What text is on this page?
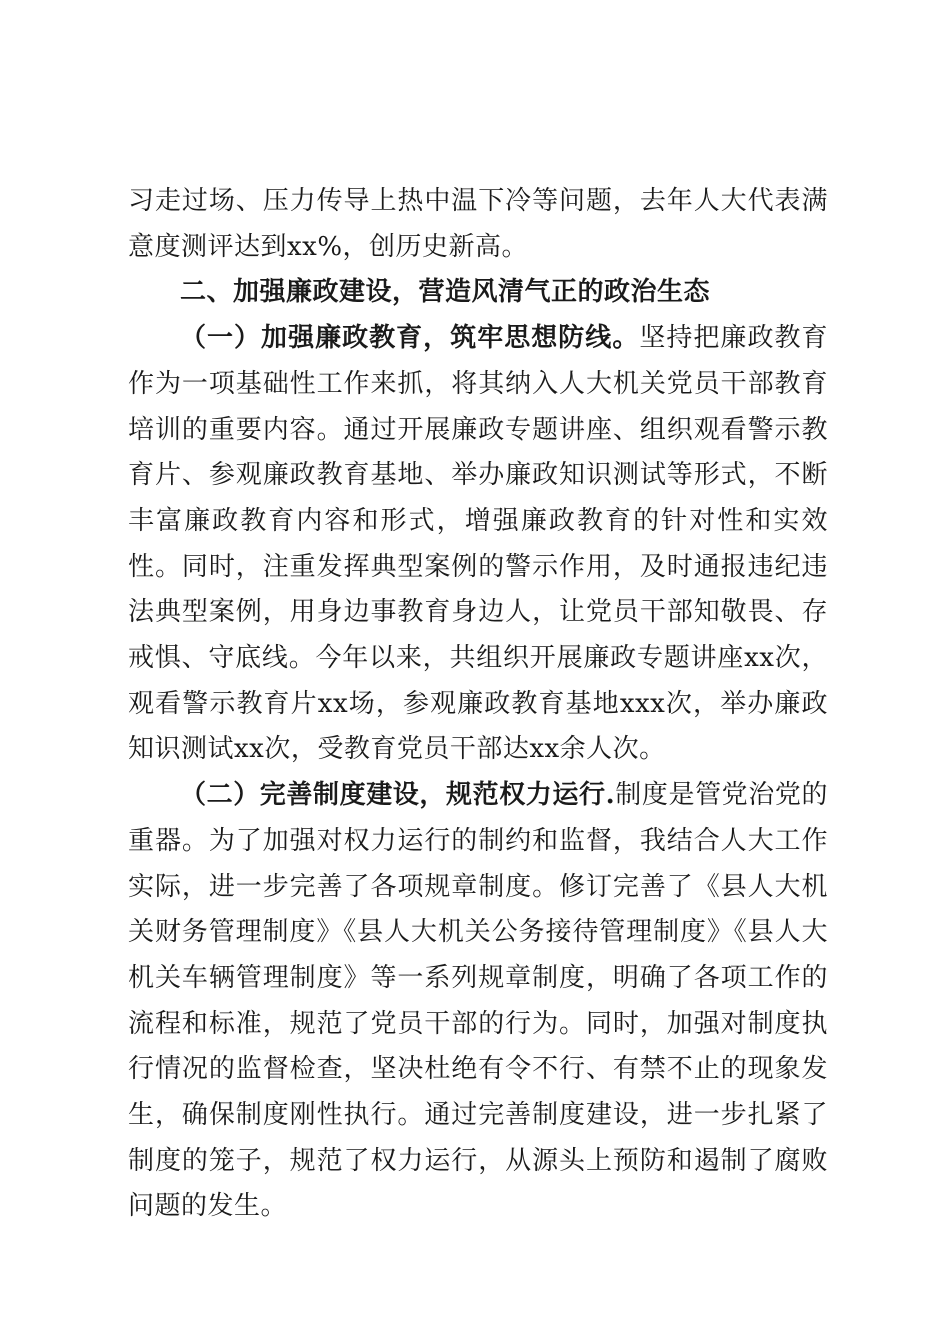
习走过场、压力传导上热中温下冷等问题，去年人大代表满意度测评达到xx%，创历史新高。

二、加强廉政建设，营造风清气正的政治生态

（一）加强廉政教育，筑牢思想防线。坚持把廉政教育作为一项基础性工作来抓，将其纳入人大机关党员干部教育培训的重要内容。通过开展廉政专题讲座、组织观看警示教育片、参观廉政教育基地、举办廉政知识测试等形式，不断丰富廉政教育内容和形式，增强廉政教育的针对性和实效性。同时，注重发挥典型案例的警示作用，及时通报违纪违法典型案例，用身边事教育身边人，让党员干部知敬畏、存戒惧、守底线。今年以来，共组织开展廉政专题讲座xx次，观看警示教育片xx场，参观廉政教育基地xxx次，举办廉政知识测试xx次，受教育党员干部达xx余人次。

（二）完善制度建设，规范权力运行.制度是管党治党的重器。为了加强对权力运行的制约和监督，我结合人大工作实际，进一步完善了各项规章制度。修订完善了《县人大机关财务管理制度》《县人大机关公务接待管理制度》《县人大机关车辆管理制度》等一系列规章制度，明确了各项工作的流程和标准，规范了党员干部的行为。同时，加强对制度执行情况的监督检查，坚决杜绝有令不行、有禁不止的现象发生，确保制度刚性执行。通过完善制度建设，进一步扎紧了制度的笼子，规范了权力运行，从源头上预防和遏制了腐败问题的发生。
